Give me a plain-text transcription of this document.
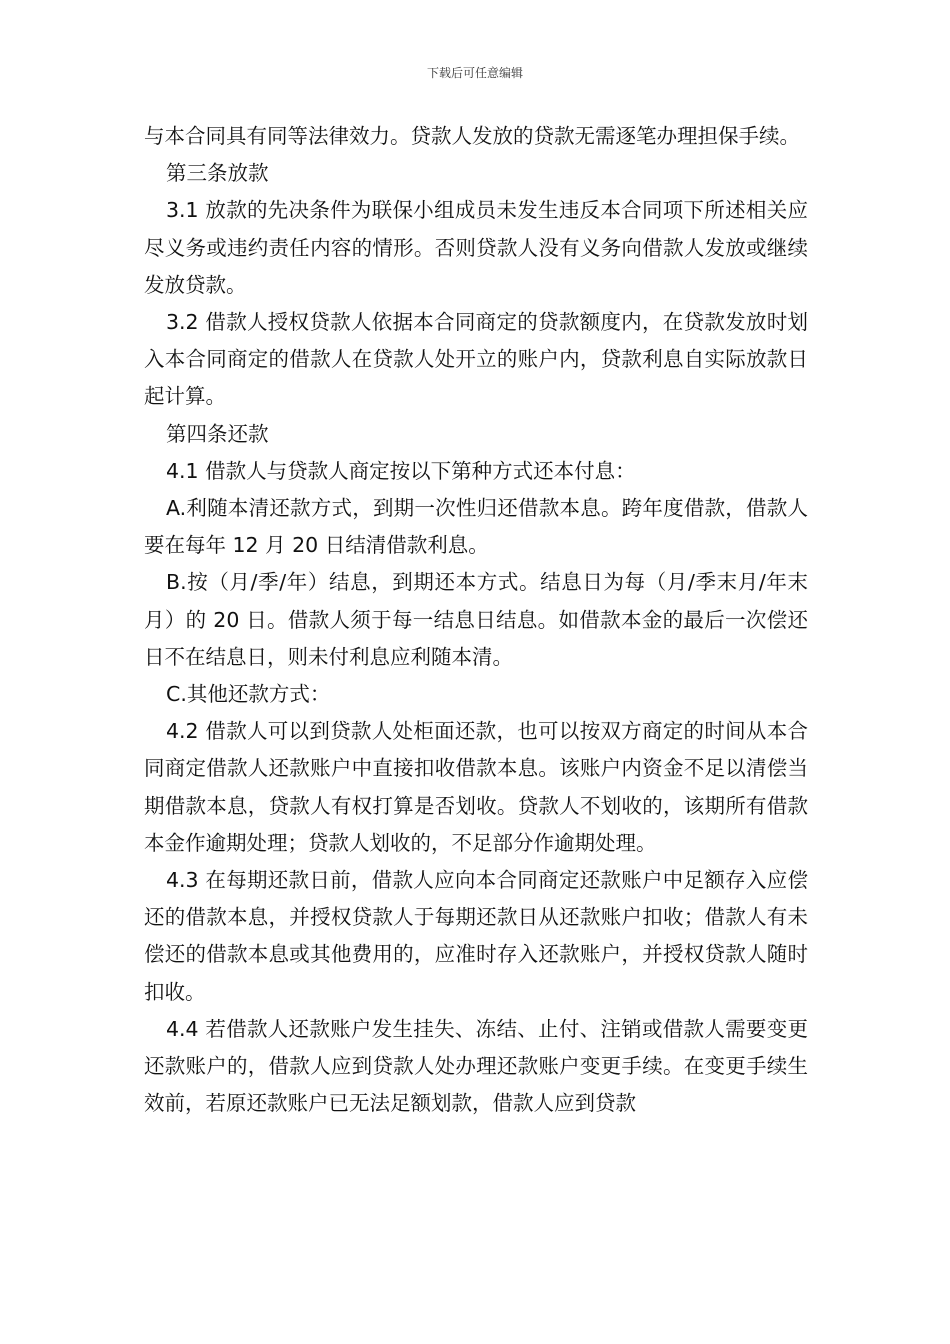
下载后可任意编辑

与本合同具有同等法律效力。贷款人发放的贷款无需逐笔办理担保手续。

第三条放款

3.1 放款的先决条件为联保小组成员未发生违反本合同项下所述相关应尽义务或违约责任内容的情形。否则贷款人没有义务向借款人发放或继续发放贷款。

3.2 借款人授权贷款人依据本合同商定的贷款额度内，在贷款发放时划入本合同商定的借款人在贷款人处开立的账户内，贷款利息自实际放款日起计算。

第四条还款

4.1 借款人与贷款人商定按以下第种方式还本付息：

A.利随本清还款方式，到期一次性归还借款本息。跨年度借款，借款人要在每年 12 月 20 日结清借款利息。

B.按（月/季/年）结息，到期还本方式。结息日为每（月/季末月/年末月）的 20 日。借款人须于每一结息日结息。如借款本金的最后一次偿还日不在结息日，则未付利息应利随本清。

C.其他还款方式：

4.2 借款人可以到贷款人处柜面还款，也可以按双方商定的时间从本合同商定借款人还款账户中直接扣收借款本息。该账户内资金不足以清偿当期借款本息，贷款人有权打算是否划收。贷款人不划收的，该期所有借款本金作逾期处理；贷款人划收的，不足部分作逾期处理。

4.3 在每期还款日前，借款人应向本合同商定还款账户中足额存入应偿还的借款本息，并授权贷款人于每期还款日从还款账户扣收；借款人有未偿还的借款本息或其他费用的，应准时存入还款账户，并授权贷款人随时扣收。

4.4 若借款人还款账户发生挂失、冻结、止付、注销或借款人需要变更还款账户的，借款人应到贷款人处办理还款账户变更手续。在变更手续生效前，若原还款账户已无法足额划款，借款人应到贷款
